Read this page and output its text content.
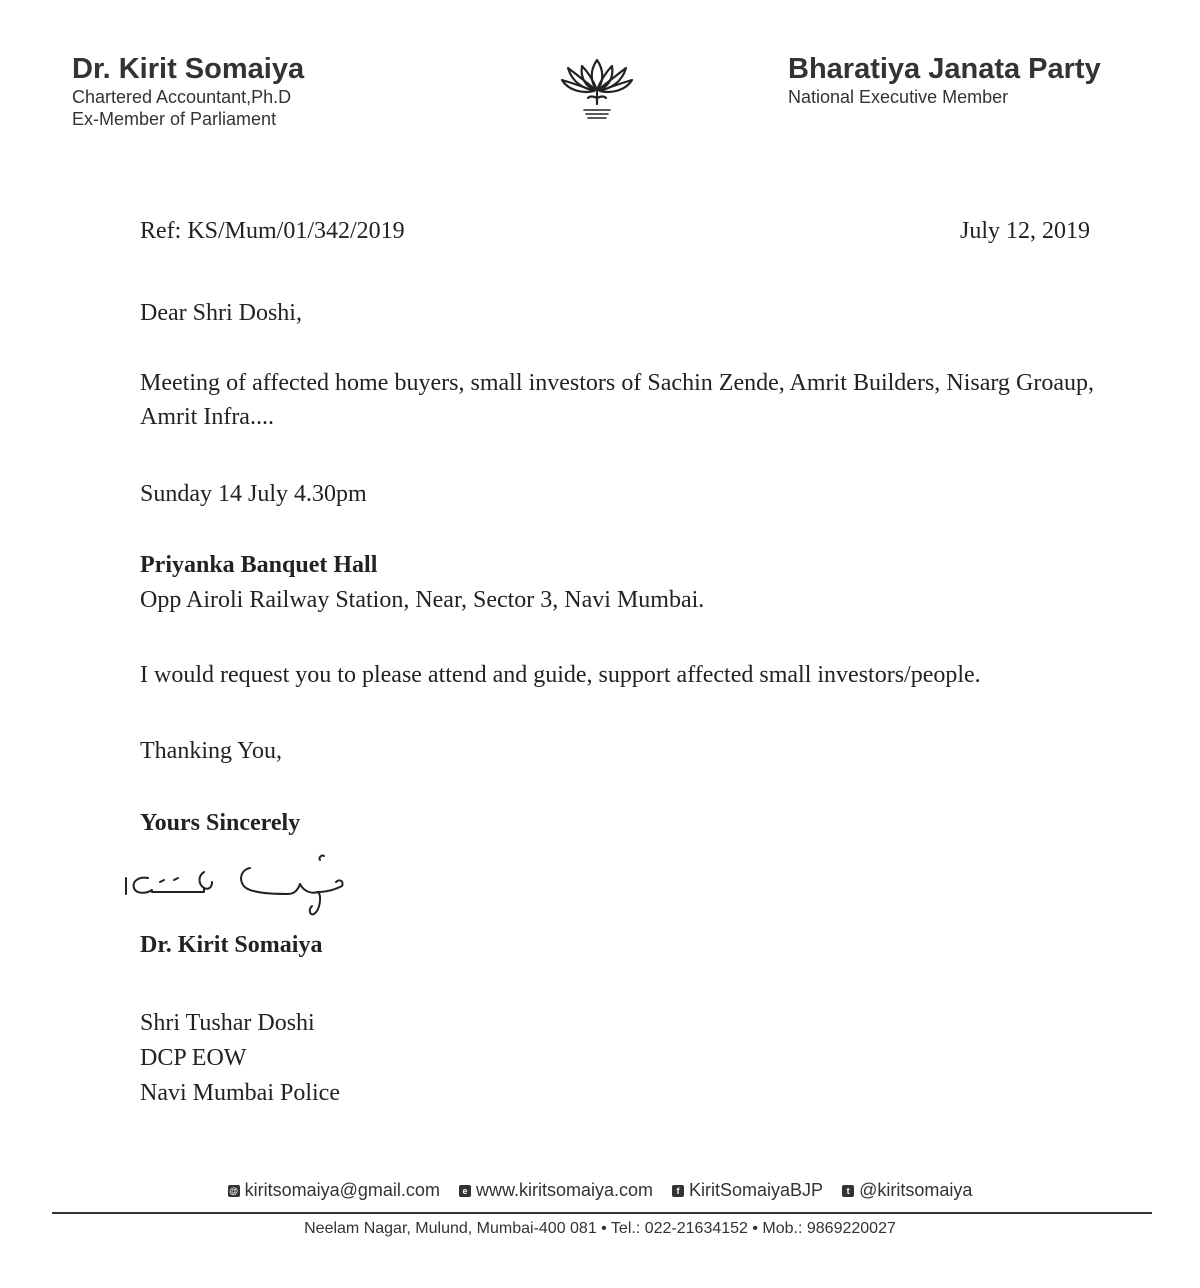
Dr. Kirit Somaiya
Chartered Accountant,Ph.D
Ex-Member of Parliament
Bharatiya Janata Party
National Executive Member
Ref: KS/Mum/01/342/2019	July 12, 2019
Dear Shri Doshi,
Meeting of affected home buyers, small investors of Sachin Zende, Amrit Builders, Nisarg Groaup, Amrit Infra....
Sunday 14 July 4.30pm
Priyanka Banquet Hall
Opp Airoli Railway Station, Near, Sector 3, Navi Mumbai.
I would request you to please attend and guide, support affected small investors/people.
Thanking You,
Yours Sincerely
Dr. Kirit Somaiya
Shri Tushar Doshi
DCP EOW
Navi Mumbai Police
@ kiritsomaiya@gmail.com	e www.kiritsomaiya.com	f KiritSomaiyaBJP	t @kiritsomaiya
Neelam Nagar, Mulund, Mumbai-400 081 • Tel.: 022-21634152 • Mob.: 9869220027
